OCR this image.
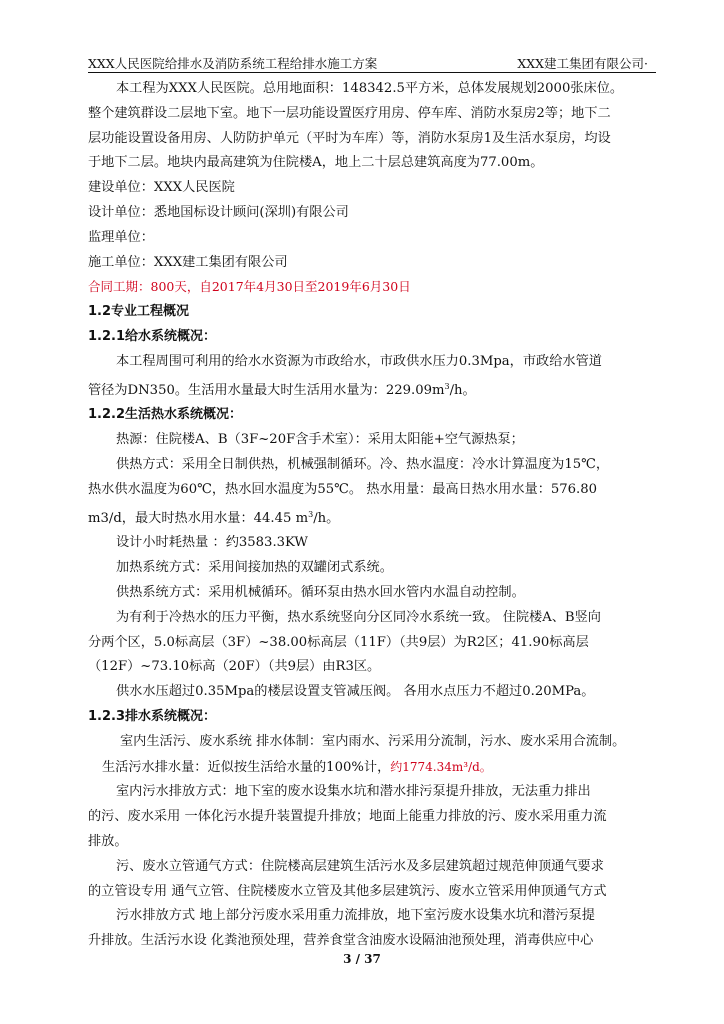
XXX人民医院给排水及消防系统工程给排水施工方案	XXX建工集团有限公司·

本工程为XXX人民医院。总用地面积：148342.5平方米，总体发展规划2000张床位。

整个建筑群设二层地下室。地下一层功能设置医疗用房、停车库、消防水泵房2等；地下二

层功能设置设备用房、人防防护单元（平时为车库）等，消防水泵房1及生活水泵房，均设

于地下二层。地块内最高建筑为住院楼A，地上二十层总建筑高度为77.00m。

建设单位：XXX人民医院

设计单位：悉地国标设计顾问(深圳)有限公司

监理单位：

施工单位：XXX建工集团有限公司

合同工期：800天，自2017年4月30日至2019年6月30日

1.2专业工程概况

1.2.1给水系统概况：

本工程周围可利用的给水水资源为市政给水，市政供水压力0.3Mpa，市政给水管道

管径为DN350。生活用水量最大时生活用水量为：$229.09m^3/h$。

1.2.2生活热水系统概况：

热源：住院楼A、B（3F~20F含手术室）：采用太阳能+空气源热泵；

供热方式：采用全日制供热，机械强制循环。冷、热水温度：冷水计算温度为15℃，

热水供水温度为60℃，热水回水温度为55℃。 热水用量：最高日热水用水量：576.80

m3/d，最大时热水用水量：44.45 $m^3/h$。

设计小时耗热量 ：约3583.3KW

加热系统方式：采用间接加热的双罐闭式系统。

供热系统方式：采用机械循环。循环泵由热水回水管内水温自动控制。

为有利于冷热水的压力平衡，热水系统竖向分区同冷水系统一致。 住院楼A、B竖向

分两个区，5.0标高层（3F）~38.00标高层（11F）（共9层）为R2区；41.90标高层

（12F）~73.10标高（20F）（共9层）由R3区。

供水水压超过0.35Mpa的楼层设置支管减压阀。 各用水点压力不超过0.20MPa。

1.2.3排水系统概况：

室内生活污、废水系统 排水体制：室内雨水、污采用分流制，污水、废水采用合流制。

生活污水排水量：近似按生活给水量的100%计，约1774.34m³/d。

室内污水排放方式：地下室的废水设集水坑和潜水排污泵提升排放，无法重力排出

的污、废水采用 一体化污水提升装置提升排放；地面上能重力排放的污、废水采用重力流

排放。

污、废水立管通气方式：住院楼高层建筑生活污水及多层建筑超过规范伸顶通气要求

的立管设专用 通气立管、住院楼废水立管及其他多层建筑污、废水立管采用伸顶通气方式

污水排放方式 地上部分污废水采用重力流排放，地下室污废水设集水坑和潜污泵提

升排放。生活污水设 化粪池预处理，营养食堂含油废水设隔油池预处理，消毒供应中心

3 / 37
